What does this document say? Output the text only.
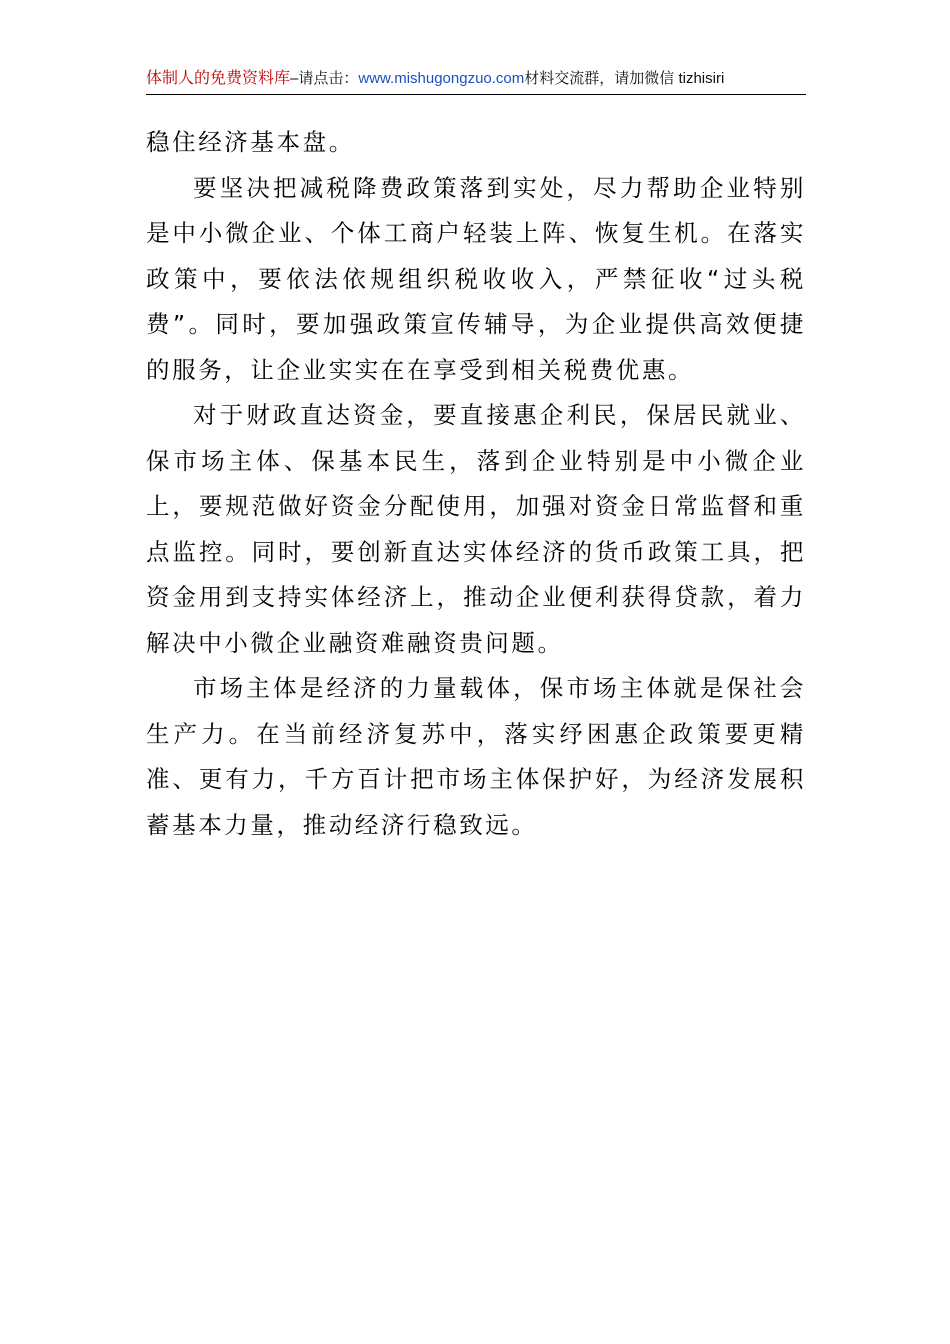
体制人的免费资料库–请点击：www.mishugongzuo.com材料交流群，请加微信 tizhisiri

稳住经济基本盘。

要坚决把减税降费政策落到实处，尽力帮助企业特别是中小微企业、个体工商户轻装上阵、恢复生机。在落实政策中，要依法依规组织税收收入，严禁征收“过头税费”。同时，要加强政策宣传辅导，为企业提供高效便捷的服务，让企业实实在在享受到相关税费优惠。

对于财政直达资金，要直接惠企利民，保居民就业、保市场主体、保基本民生，落到企业特别是中小微企业上，要规范做好资金分配使用，加强对资金日常监督和重点监控。同时，要创新直达实体经济的货币政策工具，把资金用到支持实体经济上，推动企业便利获得贷款，着力解决中小微企业融资难融资贵问题。

市场主体是经济的力量载体，保市场主体就是保社会生产力。在当前经济复苏中，落实纾困惠企政策要更精准、更有力，千方百计把市场主体保护好，为经济发展积蓄基本力量，推动经济行稳致远。
